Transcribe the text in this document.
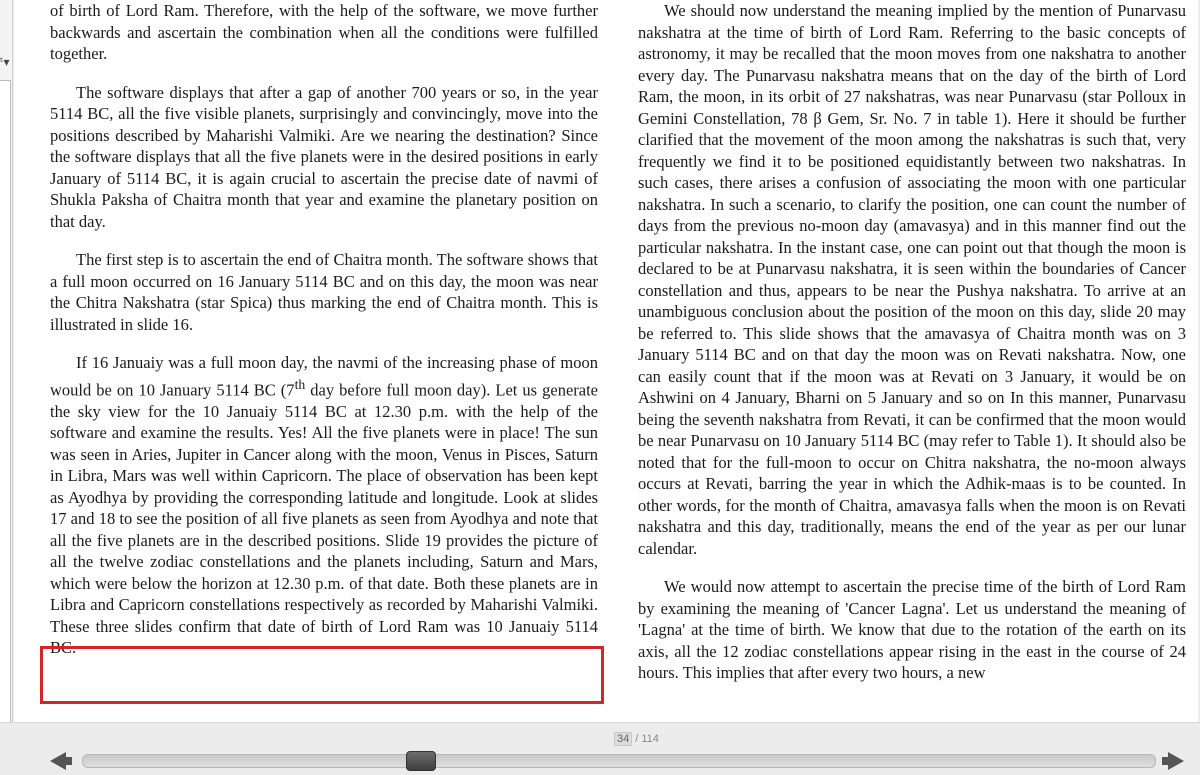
ᵗ▾

of birth of Lord Ram. Therefore, with the help of the software, we move further backwards and ascertain the combination when all the conditions were fulfilled together.

The software displays that after a gap of another 700 years or so, in the year 5114 BC, all the five visible planets, surprisingly and convincingly, move into the positions described by Maharishi Valmiki. Are we nearing the destination? Since the software displays that all the five planets were in the desired positions in early January of 5114 BC, it is again crucial to ascertain the precise date of navmi of Shukla Paksha of Chaitra month that year and examine the planetary position on that day.

The first step is to ascertain the end of Chaitra month. The software shows that a full moon occurred on 16 January 5114 BC and on this day, the moon was near the Chitra Nakshatra (star Spica) thus marking the end of Chaitra month. This is illustrated in slide 16.

If 16 Januaiy was a full moon day, the navmi of the increasing phase of moon would be on 10 January 5114 BC (7th day before full moon day). Let us generate the sky view for the 10 Januaiy 5114 BC at 12.30 p.m. with the help of the software and examine the results. Yes! All the five planets were in place! The sun was seen in Aries, Jupiter in Cancer along with the moon, Venus in Pisces, Saturn in Libra, Mars was well within Capricorn. The place of observation has been kept as Ayodhya by providing the corresponding latitude and longitude. Look at slides 17 and 18 to see the position of all five planets as seen from Ayodhya and note that all the five planets are in the described positions. Slide 19 provides the picture of all the twelve zodiac constellations and the planets including, Saturn and Mars, which were below the horizon at 12.30 p.m. of that date. Both these planets are in Libra and Capricorn constellations respectively as recorded by Maharishi Valmiki. These three slides confirm that date of birth of Lord Ram was 10 Januaiy 5114 BC.

We should now understand the meaning implied by the mention of Punarvasu nakshatra at the time of birth of Lord Ram. Referring to the basic concepts of astronomy, it may be recalled that the moon moves from one nakshatra to another every day. The Punarvasu nakshatra means that on the day of the birth of Lord Ram, the moon, in its orbit of 27 nakshatras, was near Punarvasu (star Polloux in Gemini Constellation, 78 β Gem, Sr. No. 7 in table 1). Here it should be further clarified that the movement of the moon among the nakshatras is such that, very frequently we find it to be positioned equidistantly between two nakshatras. In such cases, there arises a confusion of associating the moon with one particular nakshatra. In such a scenario, to clarify the position, one can count the number of days from the previous no-moon day (amavasya) and in this manner find out the particular nakshatra. In the instant case, one can point out that though the moon is declared to be at Punarvasu nakshatra, it is seen within the boundaries of Cancer constellation and thus, appears to be near the Pushya nakshatra. To arrive at an unambiguous conclusion about the position of the moon on this day, slide 20 may be referred to. This slide shows that the amavasya of Chaitra month was on 3 January 5114 BC and on that day the moon was on Revati nakshatra. Now, one can easily count that if the moon was at Revati on 3 January, it would be on Ashwini on 4 January, Bharni on 5 January and so on In this manner, Punarvasu being the seventh nakshatra from Revati, it can be confirmed that the moon would be near Punarvasu on 10 January 5114 BC (may refer to Table 1). It should also be noted that for the full-moon to occur on Chitra nakshatra, the no-moon always occurs at Revati, barring the year in which the Adhik-maas is to be counted. In other words, for the month of Chaitra, amavasya falls when the moon is on Revati nakshatra and this day, traditionally, means the end of the year as per our lunar calendar.

We would now attempt to ascertain the precise time of the birth of Lord Ram by examining the meaning of 'Cancer Lagna'. Let us understand the meaning of 'Lagna' at the time of birth. We know that due to the rotation of the earth on its axis, all the 12 zodiac constellations appear rising in the east in the course of 24 hours. This implies that after every two hours, a new

34 / 114
